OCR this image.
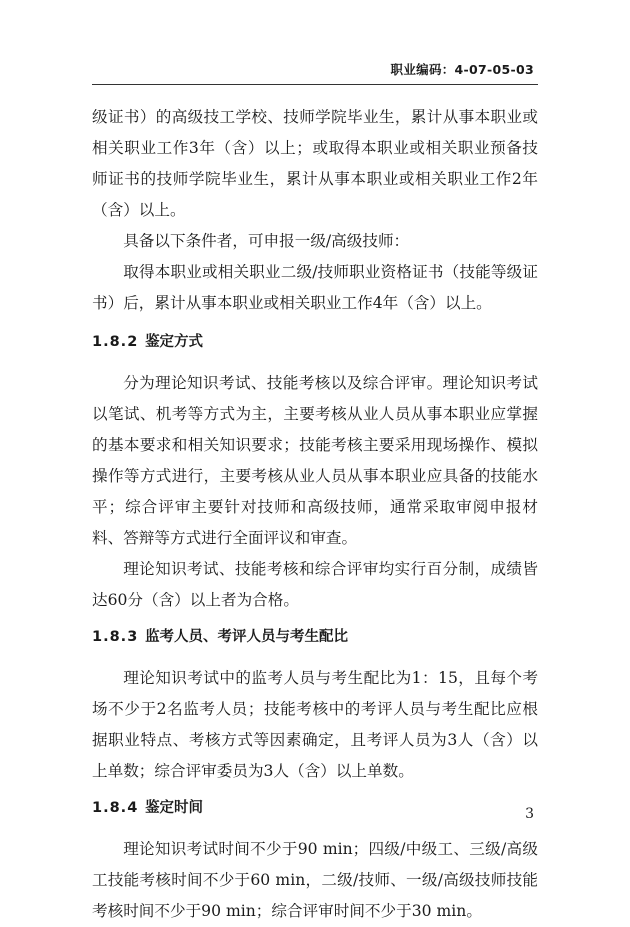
职业编码：4-07-05-03

级证书）的高级技工学校、技师学院毕业生，累计从事本职业或相关职业工作3年（含）以上；或取得本职业或相关职业预备技师证书的技师学院毕业生，累计从事本职业或相关职业工作2年（含）以上。

具备以下条件者，可申报一级/高级技师：

取得本职业或相关职业二级/技师职业资格证书（技能等级证书）后，累计从事本职业或相关职业工作4年（含）以上。

1.8.2 鉴定方式

分为理论知识考试、技能考核以及综合评审。理论知识考试以笔试、机考等方式为主，主要考核从业人员从事本职业应掌握的基本要求和相关知识要求；技能考核主要采用现场操作、模拟操作等方式进行，主要考核从业人员从事本职业应具备的技能水平；综合评审主要针对技师和高级技师，通常采取审阅申报材料、答辩等方式进行全面评议和审查。

理论知识考试、技能考核和综合评审均实行百分制，成绩皆达60分（含）以上者为合格。

1.8.3 监考人员、考评人员与考生配比

理论知识考试中的监考人员与考生配比为1：15，且每个考场不少于2名监考人员；技能考核中的考评人员与考生配比应根据职业特点、考核方式等因素确定，且考评人员为3人（含）以上单数；综合评审委员为3人（含）以上单数。

1.8.4 鉴定时间

理论知识考试时间不少于90 min；四级/中级工、三级/高级工技能考核时间不少于60 min，二级/技师、一级/高级技师技能考核时间不少于90 min；综合评审时间不少于30 min。

3
